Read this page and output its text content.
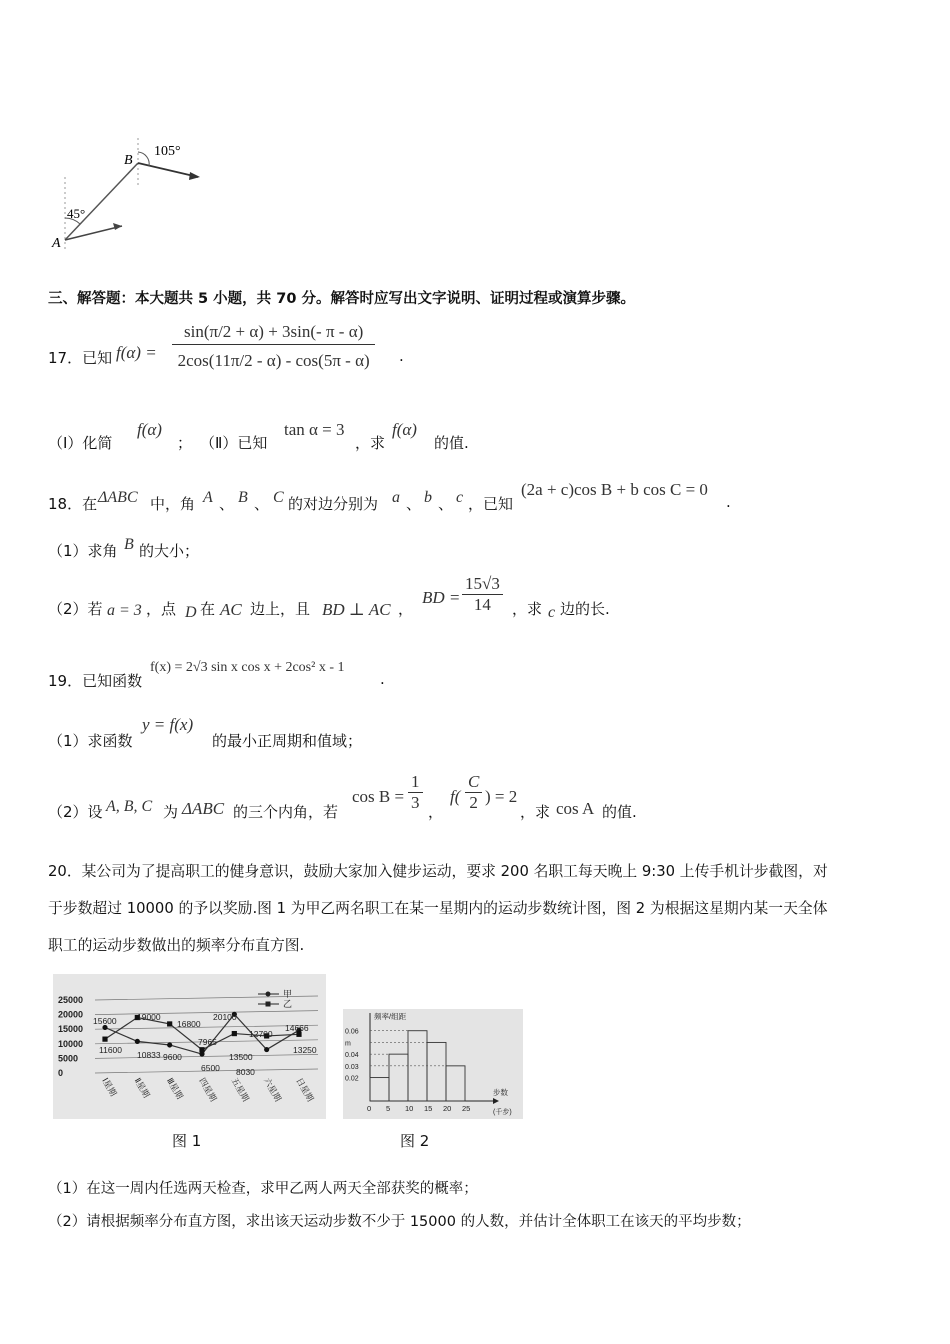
B
A
105°
45°
三、解答题：本大题共 5 小题，共 70 分。解答时应写出文字说明、证明过程或演算步骤。
17．已知 $f(\alpha) = \frac{\sin(\pi/2 + \alpha) + 3\sin(- \pi - \alpha)}{2\cos(11\pi/2 - \alpha) - \cos(5\pi - \alpha)}$ .
（Ⅰ）化简
f(α)
； （Ⅱ）已知
tan α = 3
，求
f(α)
的值.
18．在 ΔABC 中，角 A 、 B 、 C 的对边分别为 a 、 b 、 c ，已知
(2a + c)cos B + b cos C = 0
.
（1）求角 B 的大小；
（2）若 a = 3 ，点 D 在 AC 边上，且 BD ⊥ AC ，
BD = $\frac{15√3}{14}$ ，求 c 边的长.
19．已知函数
f(x) = 2√3 sin x cos x + 2cos² x - 1
.
（1）求函数
y = f(x)
的最小正周期和值域；
（2）设 A, B, C 为 ΔABC 的三个内角，若
$\cos B = \frac{1}{3}$ ，
$f( \frac{C}{2}$ ) = 2
，求 cos A 的值.
20．某公司为了提高职工的健身意识，鼓励大家加入健步运动，要求 200 名职工每天晚上 9:30 上传手机计步截图，对
于步数超过 10000 的予以奖励.图 1 为甲乙两名职工在某一星期内的运动步数统计图，图 2 为根据这星期内某一天全体
职工的运动步数做出的频率分布直方图.
25000
20000
15000
10000
5000
0
甲
乙
15600 19000
16800
20100
12700
14666
11600 10833 9600
7965
13500
13250
6500 8030
Ⅰ星期 Ⅱ星期 Ⅲ星期 四星期 五星期 六星期 日星期
0.06
m
0.04
0.03
0.02
0 5 10 15 20 25
频率/组距
步数
(千步)
图 1	图 2
（1）在这一周内任选两天检查，求甲乙两人两天全部获奖的概率；
（2）请根据频率分布直方图，求出该天运动步数不少于 15000 的人数，并估计全体职工在该天的平均步数；
